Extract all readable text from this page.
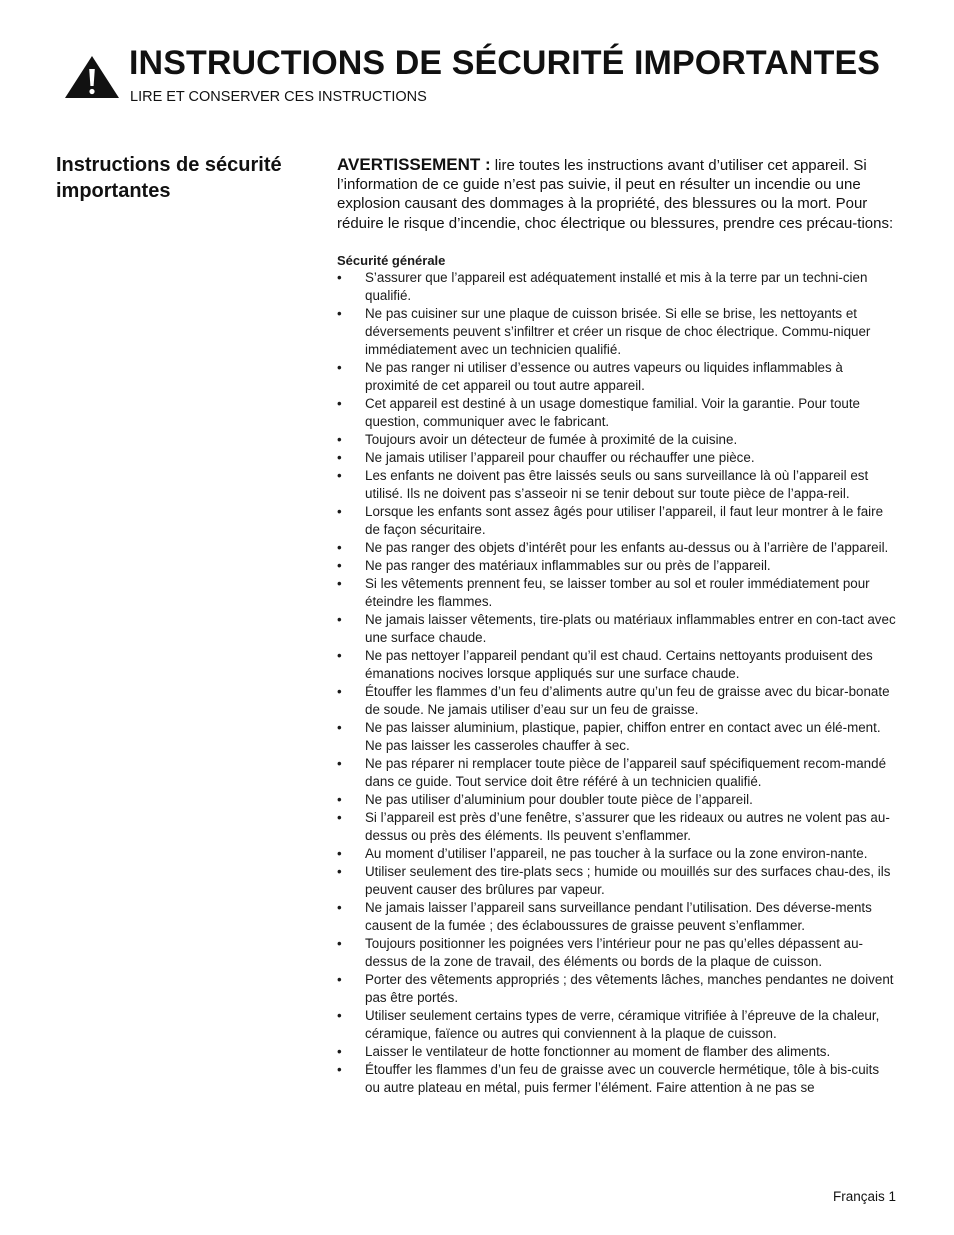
INSTRUCTIONS DE SÉCURITÉ IMPORTANTES
LIRE ET CONSERVER CES INSTRUCTIONS
Instructions de sécurité importantes

AVERTISSEMENT : lire toutes les instructions avant d’utiliser cet appareil. Si l’information de ce guide n’est pas suivie, il peut en résulter un incendie ou une explosion causant des dommages à la propriété, des blessures ou la mort. Pour réduire le risque d’incendie, choc électrique ou blessures, prendre ces précau-tions:

Sécurité générale
•	S’assurer que l’appareil est adéquatement installé et mis à la terre par un techni-cien qualifié.
•	Ne pas cuisiner sur une plaque de cuisson brisée. Si elle se brise, les nettoyants et déversements peuvent s’infiltrer et créer un risque de choc électrique. Commu-niquer immédiatement avec un technicien qualifié.
•	Ne pas ranger ni utiliser d’essence ou autres vapeurs ou liquides inflammables à proximité de cet appareil ou tout autre appareil.
•	Cet appareil est destiné à un usage domestique familial. Voir la garantie. Pour toute question, communiquer avec le fabricant.
•	Toujours avoir un détecteur de fumée à proximité de la cuisine.
•	Ne jamais utiliser l’appareil pour chauffer ou réchauffer une pièce.
•	Les enfants ne doivent pas être laissés seuls ou sans surveillance là où l’appareil est utilisé. Ils ne doivent pas s’asseoir ni se tenir debout sur toute pièce de l’appa-reil.
•	Lorsque les enfants sont assez âgés pour utiliser l’appareil, il faut leur montrer à le faire de façon sécuritaire.
•	Ne pas ranger des objets d’intérêt pour les enfants au-dessus ou à l’arrière de l’appareil.
•	Ne pas ranger des matériaux inflammables sur ou près de l’appareil.
•	Si les vêtements prennent feu, se laisser tomber au sol et rouler immédiatement pour éteindre les flammes.
•	Ne jamais laisser vêtements, tire-plats ou matériaux inflammables entrer en con-tact avec une surface chaude.
•	Ne pas nettoyer l’appareil pendant qu’il est chaud. Certains nettoyants produisent des émanations nocives lorsque appliqués sur une surface chaude.
•	Étouffer les flammes d’un feu d’aliments autre qu’un feu de graisse avec du bicar-bonate de soude. Ne jamais utiliser d’eau sur un feu de graisse.
•	Ne pas laisser aluminium, plastique, papier, chiffon entrer en contact avec un élé-ment. Ne pas laisser les casseroles chauffer à sec.
•	Ne pas réparer ni remplacer toute pièce de l’appareil sauf spécifiquement recom-mandé dans ce guide. Tout service doit être référé à un technicien qualifié.
•	Ne pas utiliser d’aluminium pour doubler toute pièce de l’appareil.
•	Si l’appareil est près d’une fenêtre, s’assurer que les rideaux ou autres ne volent pas au-dessus ou près des éléments. Ils peuvent s’enflammer.
•	Au moment d’utiliser l’appareil, ne pas toucher à la surface ou la zone environ-nante.
•	Utiliser seulement des tire-plats secs ; humide ou mouillés sur des surfaces chau-des, ils peuvent causer des brûlures par vapeur.
•	Ne jamais laisser l’appareil sans surveillance pendant l’utilisation. Des déverse-ments causent de la fumée ; des éclaboussures de graisse peuvent s’enflammer.
•	Toujours positionner les poignées vers l’intérieur pour ne pas qu’elles dépassent au-dessus de la zone de travail, des éléments ou bords de la plaque de cuisson.
•	Porter des vêtements appropriés ; des vêtements lâches, manches pendantes ne doivent pas être portés.
•	Utiliser seulement certains types de verre, céramique vitrifiée à l’épreuve de la chaleur, céramique, faïence ou autres qui conviennent à la plaque de cuisson.
•	Laisser le ventilateur de hotte fonctionner au moment de flamber des aliments.
•	Étouffer les flammes d’un feu de graisse avec un couvercle hermétique, tôle à bis-cuits ou autre plateau en métal, puis fermer l’élément. Faire attention à ne pas se
Français 1
